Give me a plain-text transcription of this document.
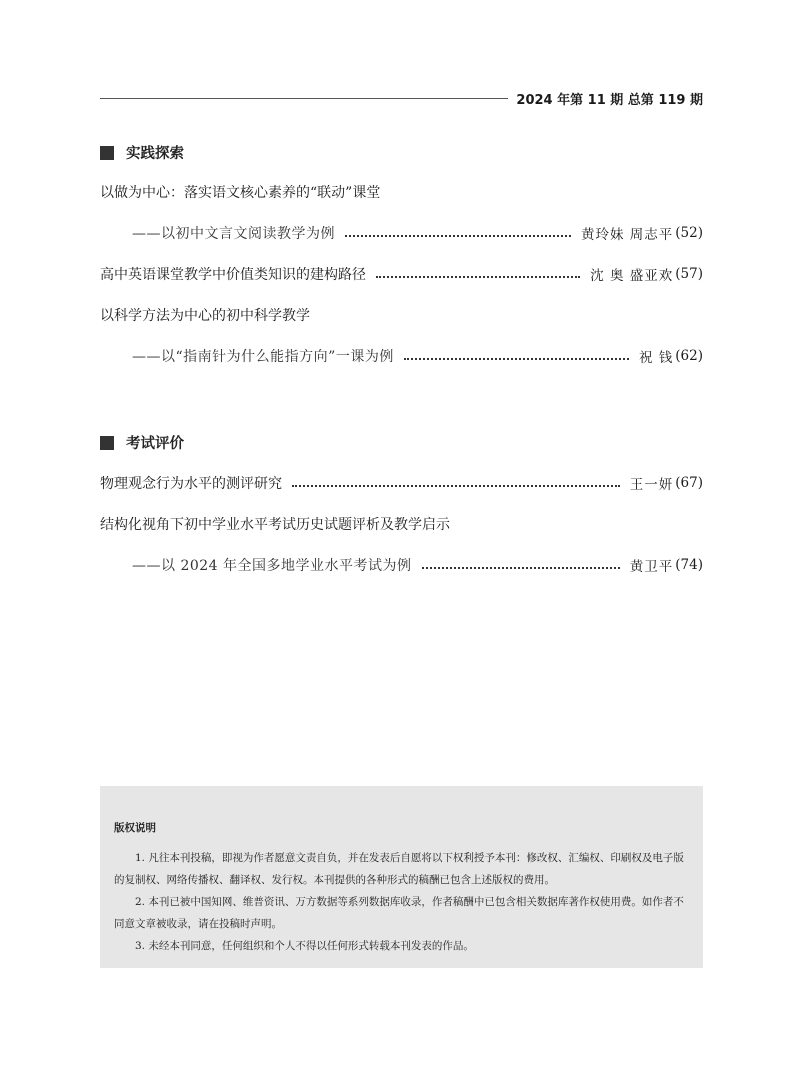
2024 年第 11 期 总第 119 期
实践探索
以做为中心：落实语文核心素养的“联动”课堂
——以初中文言文阅读教学为例	黄玲妹 周志平 (52)
高中英语课堂教学中价值类知识的建构路径	沈 奥 盛亚欢 (57)
以科学方法为中心的初中科学教学
——以“指南针为什么能指方向”一课为例	祝 钱 (62)
考试评价
物理观念行为水平的测评研究	王一妍 (67)
结构化视角下初中学业水平考试历史试题评析及教学启示
——以 2024 年全国多地学业水平考试为例	黄卫平 (74)
版权说明

1. 凡往本刊投稿，即视为作者愿意文责自负，并在发表后自愿将以下权利授予本刊：修改权、汇编权、印刷权及电子版的复制权、网络传播权、翻译权、发行权。本刊提供的各种形式的稿酬已包含上述版权的费用。

2. 本刊已被中国知网、维普资讯、万方数据等系列数据库收录，作者稿酬中已包含相关数据库著作权使用费。如作者不同意文章被收录，请在投稿时声明。

3. 未经本刊同意，任何组织和个人不得以任何形式转载本刊发表的作品。
